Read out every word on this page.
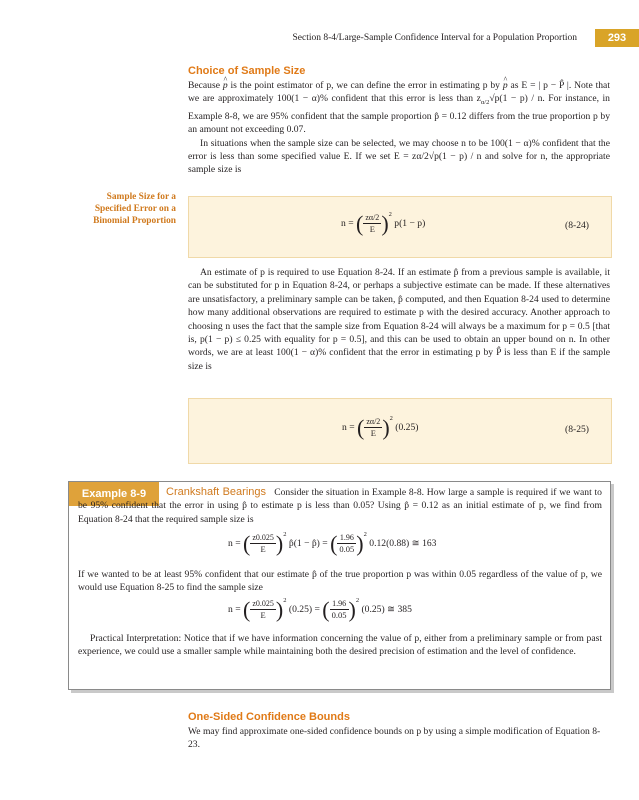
Section 8-4/Large-Sample Confidence Interval for a Population Proportion	293
Choice of Sample Size

Because ^ p is the point estimator of p, we can define the error in estimating p by ^ p as E = | p − P̂ |. Note that we are approximately 100(1 − α)% confident that this error is less than $z_{\alpha/2}√p(1 - p) / n$. For instance, in Example 8-8, we are 95% confident that the sample proportion p̂ = 0.12 differs from the true proportion p by an amount not exceeding 0.07.

In situations when the sample size can be selected, we may choose n to be 100(1 − α)% confident that the error is less than some specified value E. If we set E = zα/2√p(1 − p) / n and solve for n, the appropriate sample size is

Sample Size for a Specified Error on a Binomial Proportion	n = ( $\frac{z\alpha/2}{E} )^2$ p(1 − p)	(8-24)
An estimate of p is required to use Equation 8-24. If an estimate p̂ from a previous sample is available, it can be substituted for p in Equation 8-24, or perhaps a subjective estimate can be made. If these alternatives are unsatisfactory, a preliminary sample can be taken, p̂ computed, and then Equation 8-24 used to determine how many additional observations are required to estimate p with the desired accuracy. Another approach to choosing n uses the fact that the sample size from Equation 8-24 will always be a maximum for p = 0.5 [that is, p(1 − p) ≤ 0.25 with equality for p = 0.5], and this can be used to obtain an upper bound on n. In other words, we are at least 100(1 − α)% confident that the error in estimating p by P̂ is less than E if the sample size is
n = ( $\frac{z\alpha/2}{E} )^2$ (0.25)	(8-25)
Example 8-9	Crankshaft Bearings Consider the situation in Example 8-8. How large a sample is required if we want to be 95% confident that the error in using p̂ to estimate p is less than 0.05? Using p̂ = 0.12 as an initial estimate of p, we find from Equation 8-24 that the required sample size is
n = ( $\frac{z0.025}{E} )^2$ p̂(1 − p̂) = ( $\frac{1.96}{0.05} )^2$ 0.12(0.88) ≅ 163
If we wanted to be at least 95% confident that our estimate p̂ of the true proportion p was within 0.05 regardless of the value of p, we would use Equation 8-25 to find the sample size
n = ( $\frac{z0.025}{E} )^2$ (0.25) = ( $\frac{1.96}{0.05} )^2$ (0.25) ≅ 385
Practical Interpretation: Notice that if we have information concerning the value of p, either from a preliminary sample or from past experience, we could use a smaller sample while maintaining both the desired precision of estimation and the level of confidence.
One-Sided Confidence Bounds
We may find approximate one-sided confidence bounds on p by using a simple modification of Equation 8-23.
